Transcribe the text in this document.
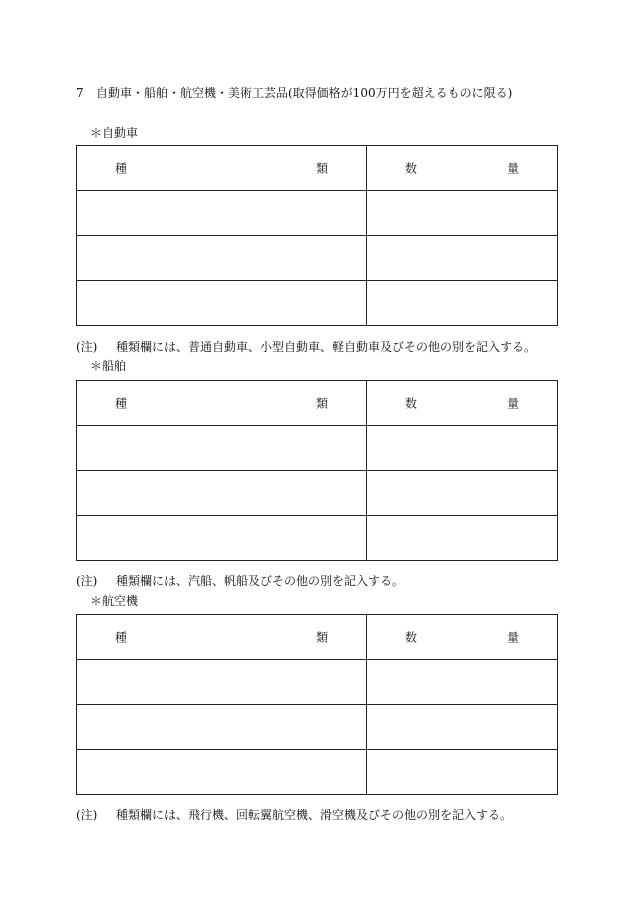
7 自動車・船舶・航空機・美術工芸品(取得価格が100万円を超えるものに限る)
＊自動車
種 類	数 量

(注) 種類欄には、普通自動車、小型自動車、軽自動車及びその他の別を記入する。
＊船舶
種 類	数 量

(注) 種類欄には、汽船、帆船及びその他の別を記入する。
＊航空機
種 類	数 量

(注) 種類欄には、飛行機、回転翼航空機、滑空機及びその他の別を記入する。
